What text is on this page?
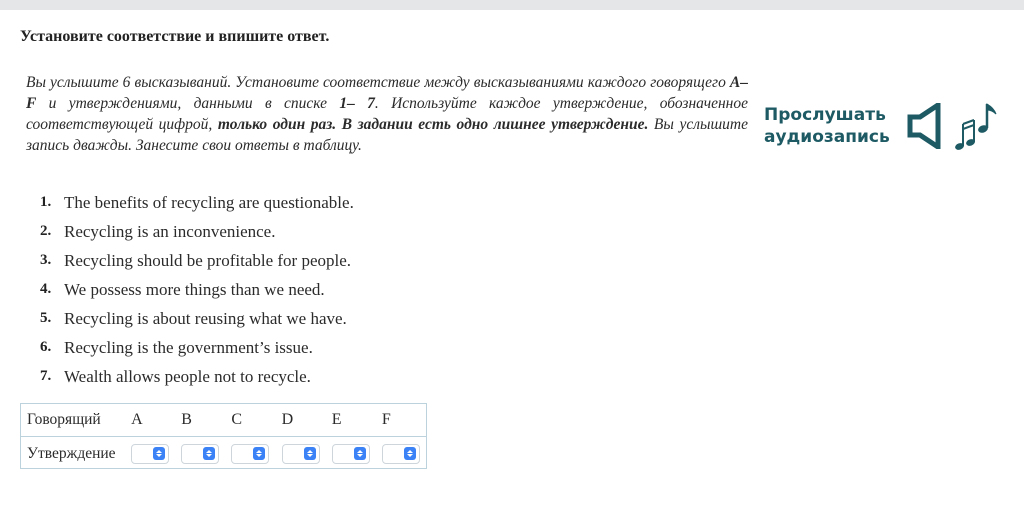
Установите соответствие и впишите ответ.
Вы услышите 6 высказываний. Установите соответствие между высказываниями каждого говорящего A– F и утверждениями, данными в списке 1– 7. Используйте каждое утверждение, обозначенное соответствующей цифрой, только один раз. В задании есть одно лишнее утверждение. Вы услышите запись дважды. Занесите свои ответы в таблицу.
Прослушать
аудиозапись
1. The benefits of recycling are questionable.
2. Recycling is an inconvenience.
3. Recycling should be profitable for people.
4. We possess more things than we need.
5. Recycling is about reusing what we have.
6. Recycling is the government’s issue.
7. Wealth allows people not to recycle.
Говорящий	A	B	C	D	E	F
Утверждение
